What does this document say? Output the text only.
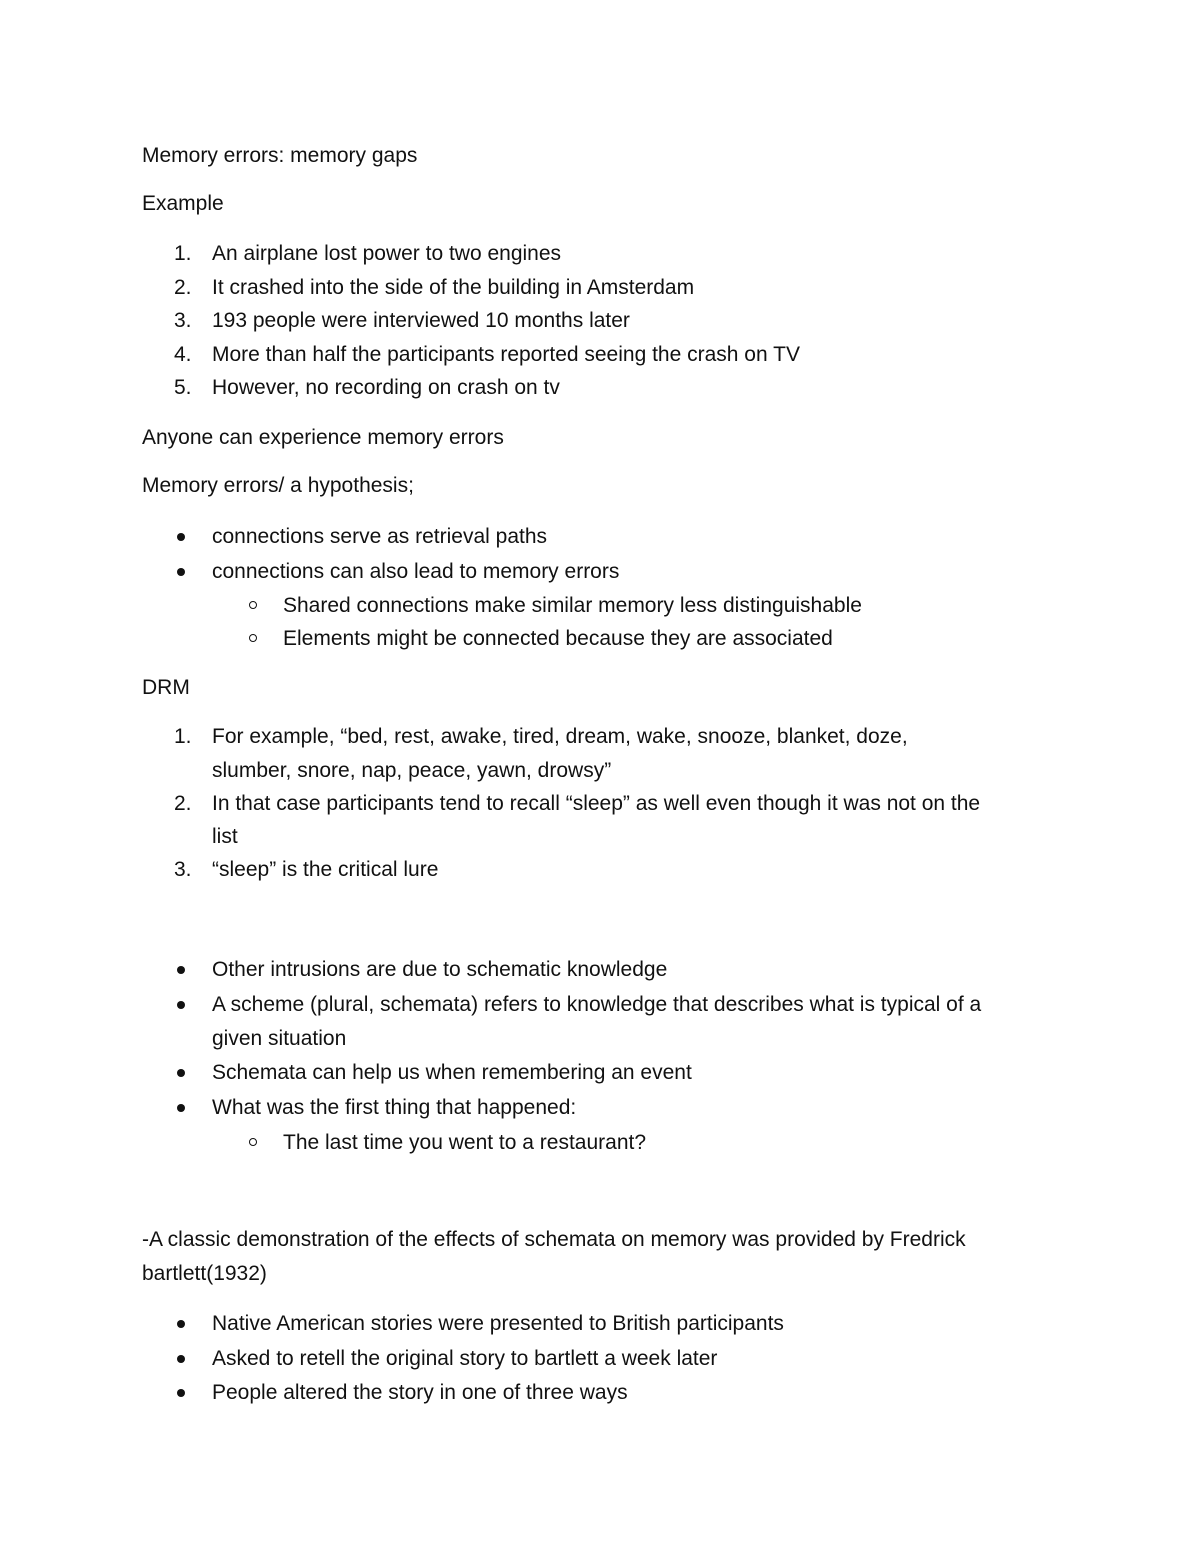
Memory errors: memory gaps
Example
1. An airplane lost power to two engines
2. It crashed into the side of the building in Amsterdam
3. 193 people were interviewed 10 months later
4. More than half the participants reported seeing the crash on TV
5. However, no recording on crash on tv
Anyone can experience memory errors
Memory errors/ a hypothesis;
connections serve as retrieval paths
connections can also lead to memory errors
Shared connections make similar memory less distinguishable
Elements might be connected because they are associated
DRM
1. For example, “bed, rest, awake, tired, dream, wake, snooze, blanket, doze,
slumber, snore, nap, peace, yawn, drowsy”
2. In that case participants tend to recall “sleep” as well even though it was not on the
list
3. “sleep” is the critical lure
Other intrusions are due to schematic knowledge
A scheme (plural, schemata) refers to knowledge that describes what is typical of a
given situation
Schemata can help us when remembering an event
What was the first thing that happened:
The last time you went to a restaurant?
-A classic demonstration of the effects of schemata on memory was provided by Fredrick
bartlett(1932)
Native American stories were presented to British participants
Asked to retell the original story to bartlett a week later
People altered the story in one of three ways
